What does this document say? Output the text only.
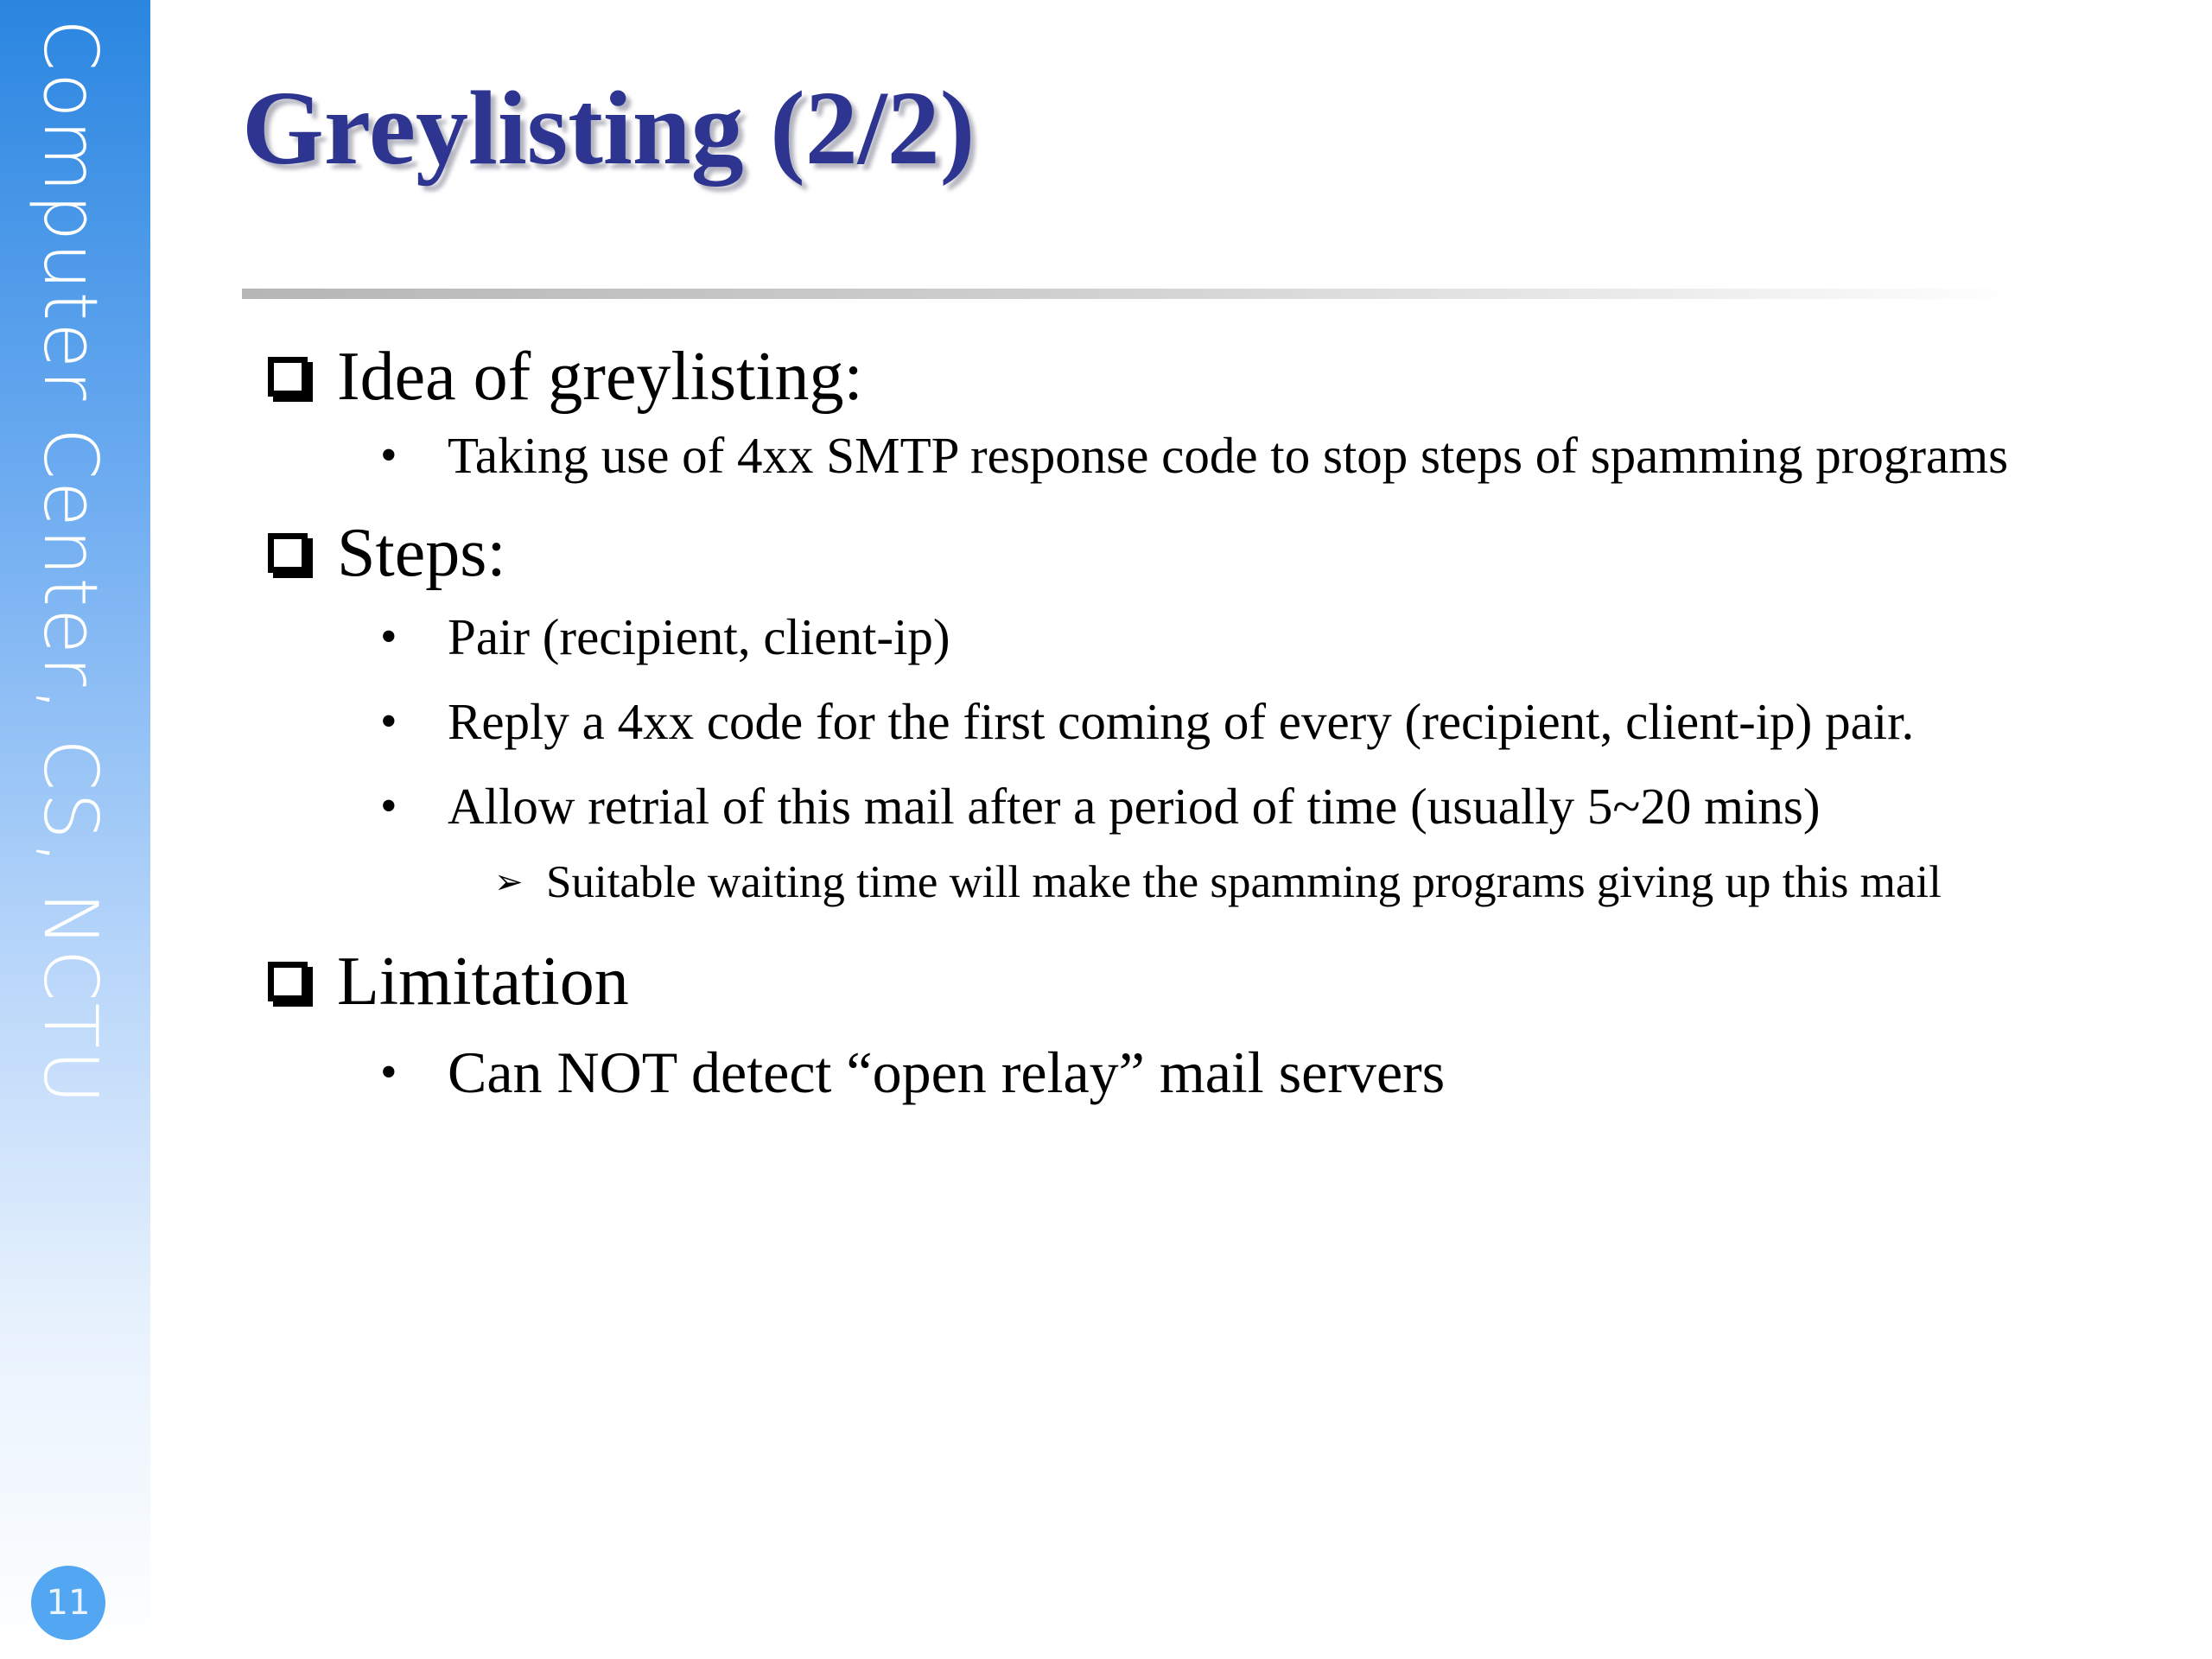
Computer Center, CS, NCTU
11
Greylisting (2/2)
Idea of greylisting:
• Taking use of 4xx SMTP response code to stop steps of spamming programs
Steps:
• Pair (recipient, client-ip)
• Reply a 4xx code for the first coming of every (recipient, client-ip) pair.
• Allow retrial of this mail after a period of time (usually 5~20 mins)
➢ Suitable waiting time will make the spamming programs giving up this mail
Limitation
• Can NOT detect “open relay” mail servers
